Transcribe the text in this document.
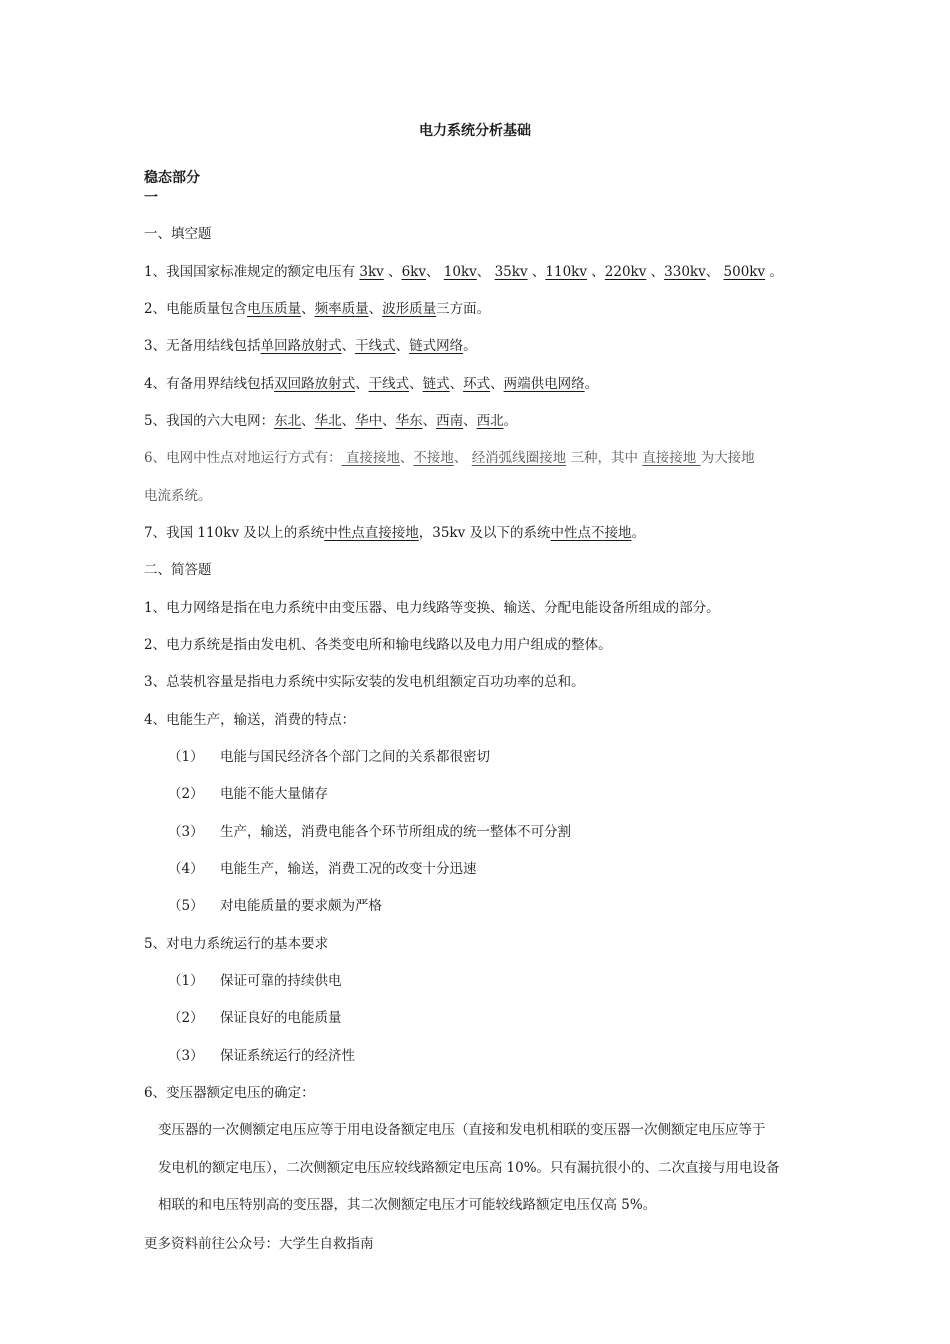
电力系统分析基础
稳态部分
一
一、填空题
1、我国国家标准规定的额定电压有 3kv 、6kv、 10kv、 35kv 、110kv 、220kv 、330kv、 500kv 。
2、电能质量包含电压质量、频率质量、波形质量三方面。
3、无备用结线包括单回路放射式、干线式、链式网络。
4、有备用界结线包括双回路放射式、干线式、链式、环式、两端供电网络。
5、我国的六大电网：东北、华北、华中、华东、西南、西北。
6、电网中性点对地运行方式有： 直接接地、不接地、 经消弧线圈接地 三种，其中 直接接地 为大接地
电流系统。
7、我国 110kv 及以上的系统中性点直接接地，35kv 及以下的系统中性点不接地。
二、简答题
1、电力网络是指在电力系统中由变压器、电力线路等变换、输送、分配电能设备所组成的部分。
2、电力系统是指由发电机、各类变电所和输电线路以及电力用户组成的整体。
3、总装机容量是指电力系统中实际安装的发电机组额定百功功率的总和。
4、电能生产，输送，消费的特点：
（1） 电能与国民经济各个部门之间的关系都很密切
（2） 电能不能大量储存
（3） 生产，输送，消费电能各个环节所组成的统一整体不可分割
（4） 电能生产，输送，消费工况的改变十分迅速
（5） 对电能质量的要求颇为严格
5、对电力系统运行的基本要求
（1） 保证可靠的持续供电
（2） 保证良好的电能质量
（3） 保证系统运行的经济性
6、变压器额定电压的确定：
变压器的一次侧额定电压应等于用电设备额定电压（直接和发电机相联的变压器一次侧额定电压应等于
发电机的额定电压），二次侧额定电压应较线路额定电压高 10%。只有漏抗很小的、二次直接与用电设备
相联的和电压特别高的变压器，其二次侧额定电压才可能较线路额定电压仅高 5%。
更多资料前往公众号：大学生自救指南
